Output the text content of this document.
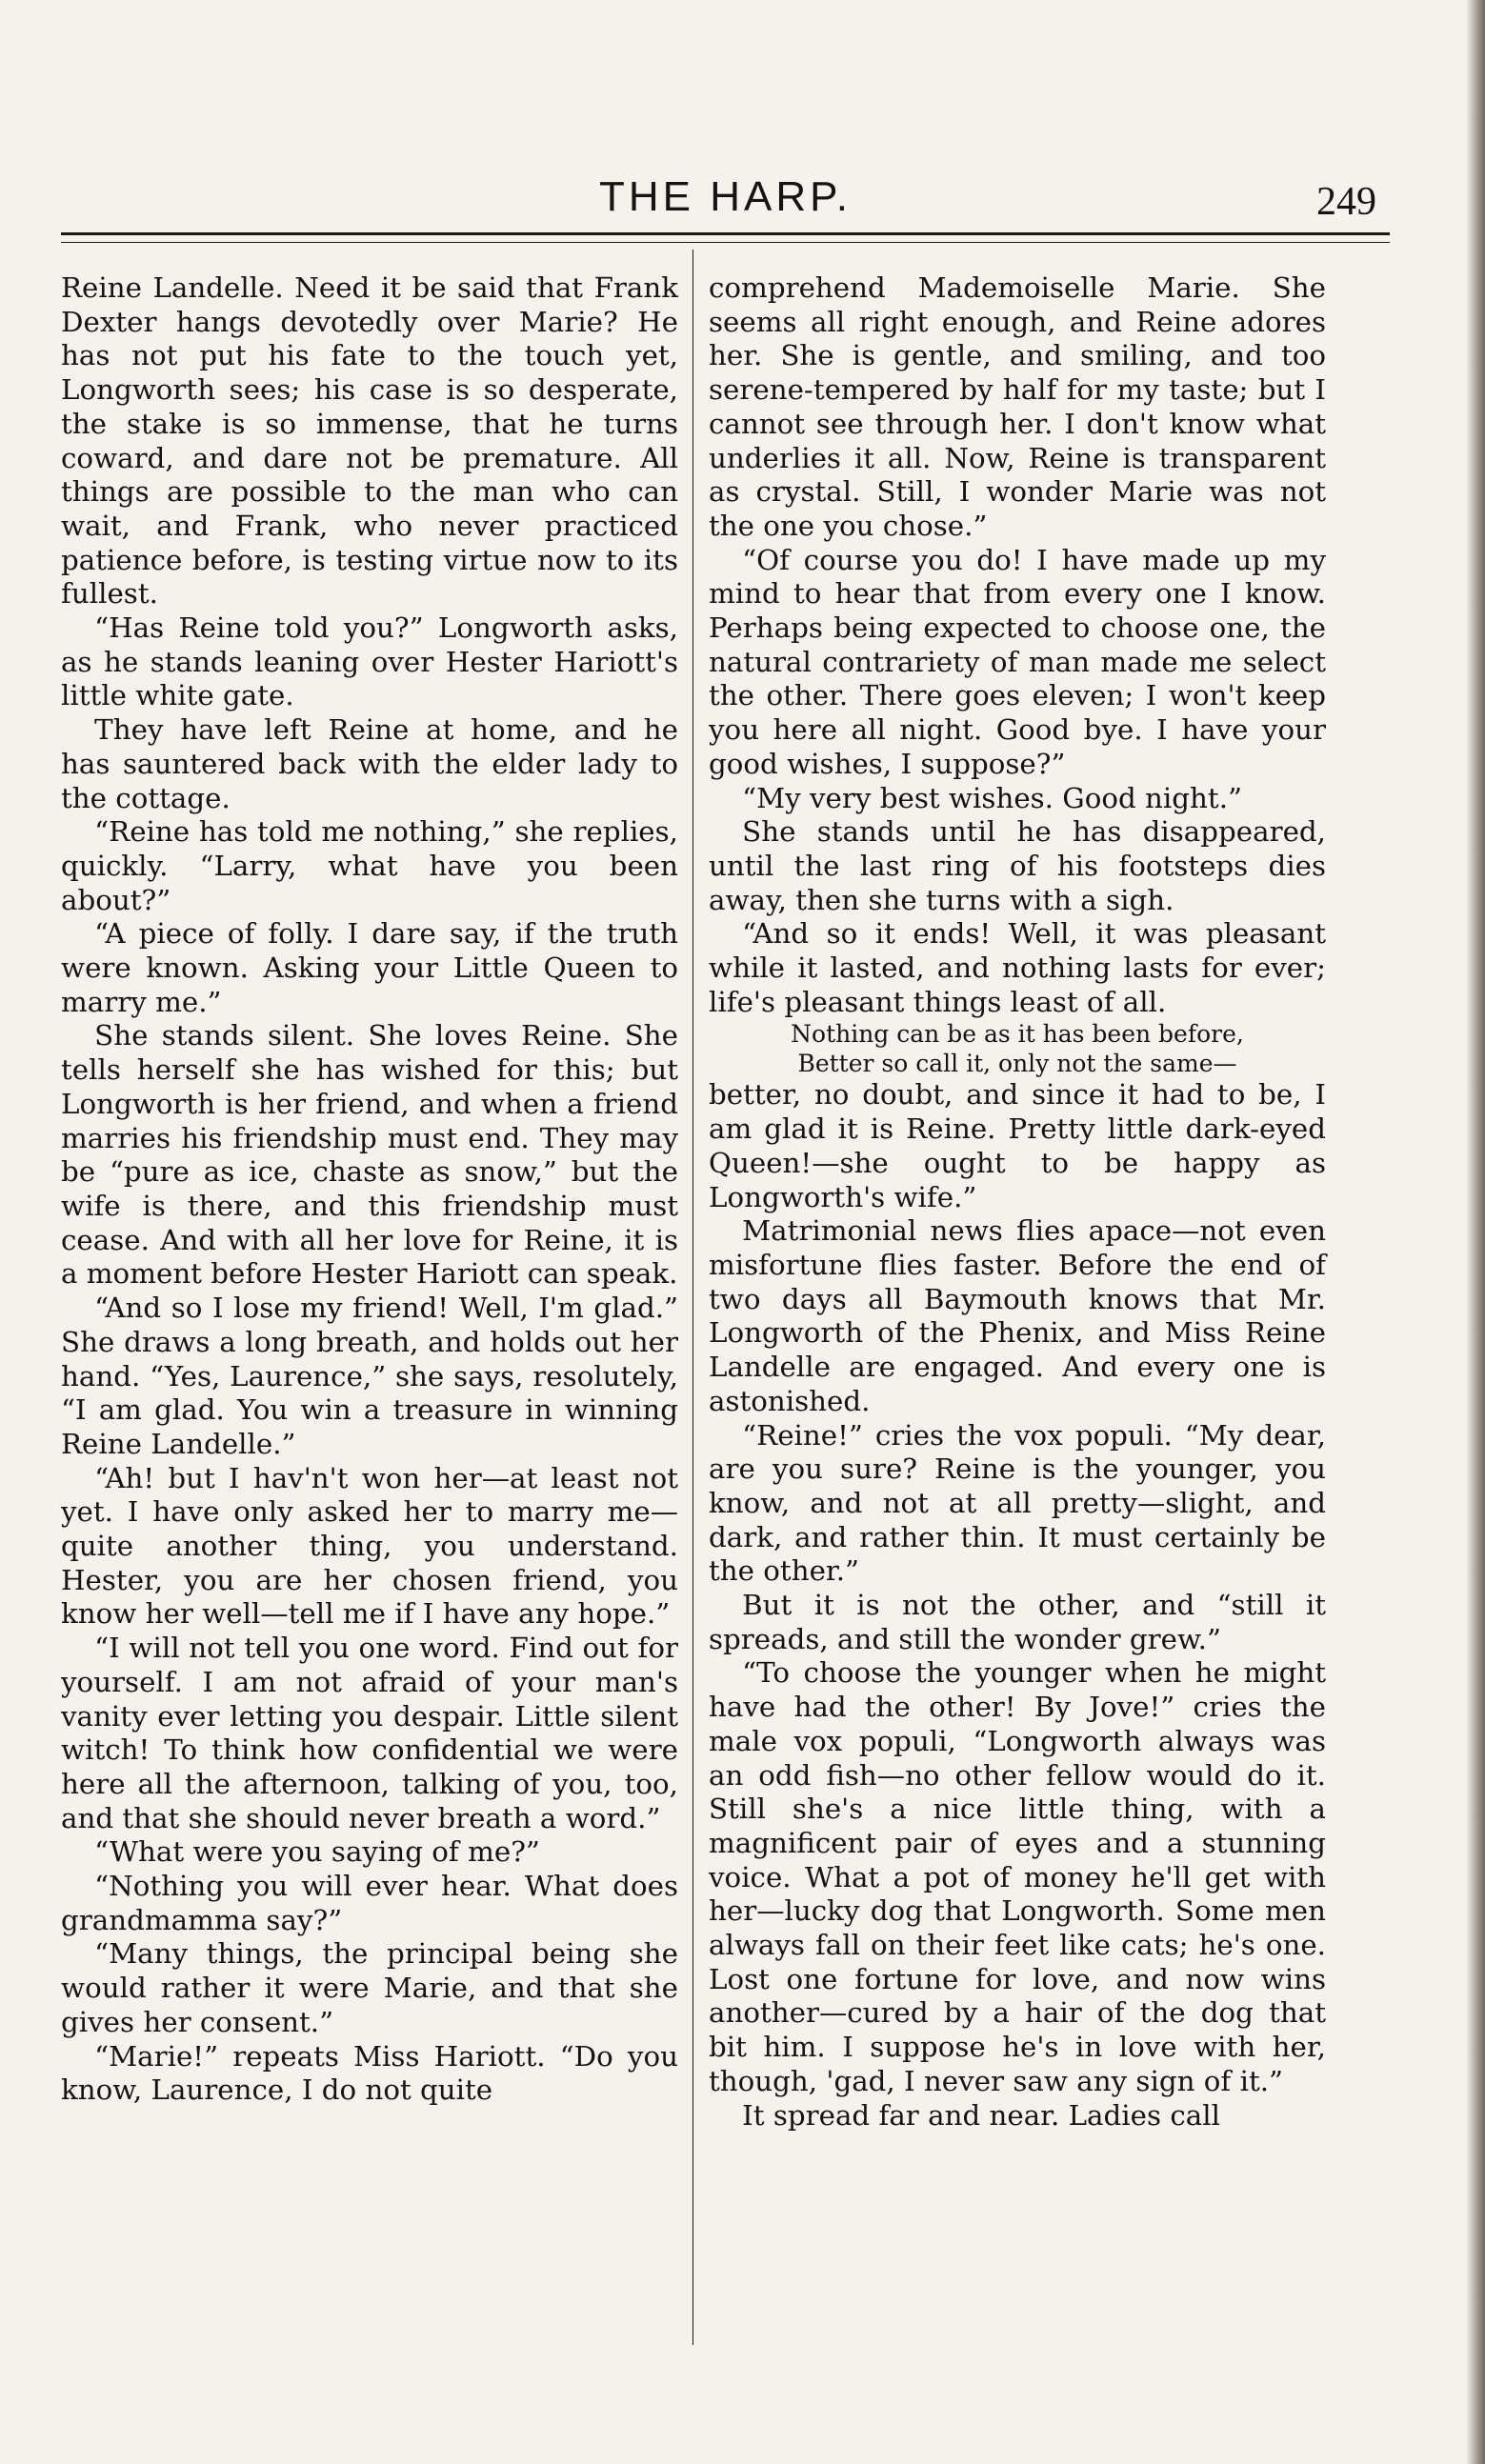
THE HARP.	249

Reine Landelle. Need it be said that Frank Dexter hangs devotedly over Marie? He has not put his fate to the touch yet, Longworth sees; his case is so desperate, the stake is so immense, that he turns coward, and dare not be premature. All things are possible to the man who can wait, and Frank, who never practiced patience before, is testing virtue now to its fullest.

“Has Reine told you?” Longworth asks, as he stands leaning over Hester Hariott's little white gate.

They have left Reine at home, and he has sauntered back with the elder lady to the cottage.

“Reine has told me nothing,” she replies, quickly. “Larry, what have you been about?”

“A piece of folly. I dare say, if the truth were known. Asking your Little Queen to marry me.”

She stands silent. She loves Reine. She tells herself she has wished for this; but Longworth is her friend, and when a friend marries his friendship must end. They may be “pure as ice, chaste as snow,” but the wife is there, and this friendship must cease. And with all her love for Reine, it is a moment before Hester Hariott can speak.

“And so I lose my friend! Well, I'm glad.” She draws a long breath, and holds out her hand. “Yes, Laurence,” she says, resolutely, “I am glad. You win a treasure in winning Reine Landelle.”

“Ah! but I hav'n't won her—at least not yet. I have only asked her to marry me—quite another thing, you understand. Hester, you are her chosen friend, you know her well—tell me if I have any hope.”

“I will not tell you one word. Find out for yourself. I am not afraid of your man's vanity ever letting you despair. Little silent witch! To think how confidential we were here all the afternoon, talking of you, too, and that she should never breath a word.”

“What were you saying of me?”

“Nothing you will ever hear. What does grandmamma say?”

“Many things, the principal being she would rather it were Marie, and that she gives her consent.”

“Marie!” repeats Miss Hariott. “Do you know, Laurence, I do not quite

comprehend Mademoiselle Marie. She seems all right enough, and Reine adores her. She is gentle, and smiling, and too serene-tempered by half for my taste; but I cannot see through her. I don't know what underlies it all. Now, Reine is transparent as crystal. Still, I wonder Marie was not the one you chose.”

“Of course you do! I have made up my mind to hear that from every one I know. Perhaps being expected to choose one, the natural contrariety of man made me select the other. There goes eleven; I won't keep you here all night. Good bye. I have your good wishes, I suppose?”

“My very best wishes. Good night.”

She stands until he has disappeared, until the last ring of his footsteps dies away, then she turns with a sigh.

“And so it ends! Well, it was pleasant while it lasted, and nothing lasts for ever; life's pleasant things least of all.

Nothing can be as it has been before,
Better so call it, only not the same—

better, no doubt, and since it had to be, I am glad it is Reine. Pretty little dark-eyed Queen!—she ought to be happy as Longworth's wife.”

Matrimonial news flies apace—not even misfortune flies faster. Before the end of two days all Baymouth knows that Mr. Longworth of the Phenix, and Miss Reine Landelle are engaged. And every one is astonished.

“Reine!” cries the vox populi. “My dear, are you sure? Reine is the younger, you know, and not at all pretty—slight, and dark, and rather thin. It must certainly be the other.”

But it is not the other, and “still it spreads, and still the wonder grew.”

“To choose the younger when he might have had the other! By Jove!” cries the male vox populi, “Longworth always was an odd fish—no other fellow would do it. Still she's a nice little thing, with a magnificent pair of eyes and a stunning voice. What a pot of money he'll get with her—lucky dog that Longworth. Some men always fall on their feet like cats; he's one. Lost one fortune for love, and now wins another—cured by a hair of the dog that bit him. I suppose he's in love with her, though, 'gad, I never saw any sign of it.”

It spread far and near. Ladies call
